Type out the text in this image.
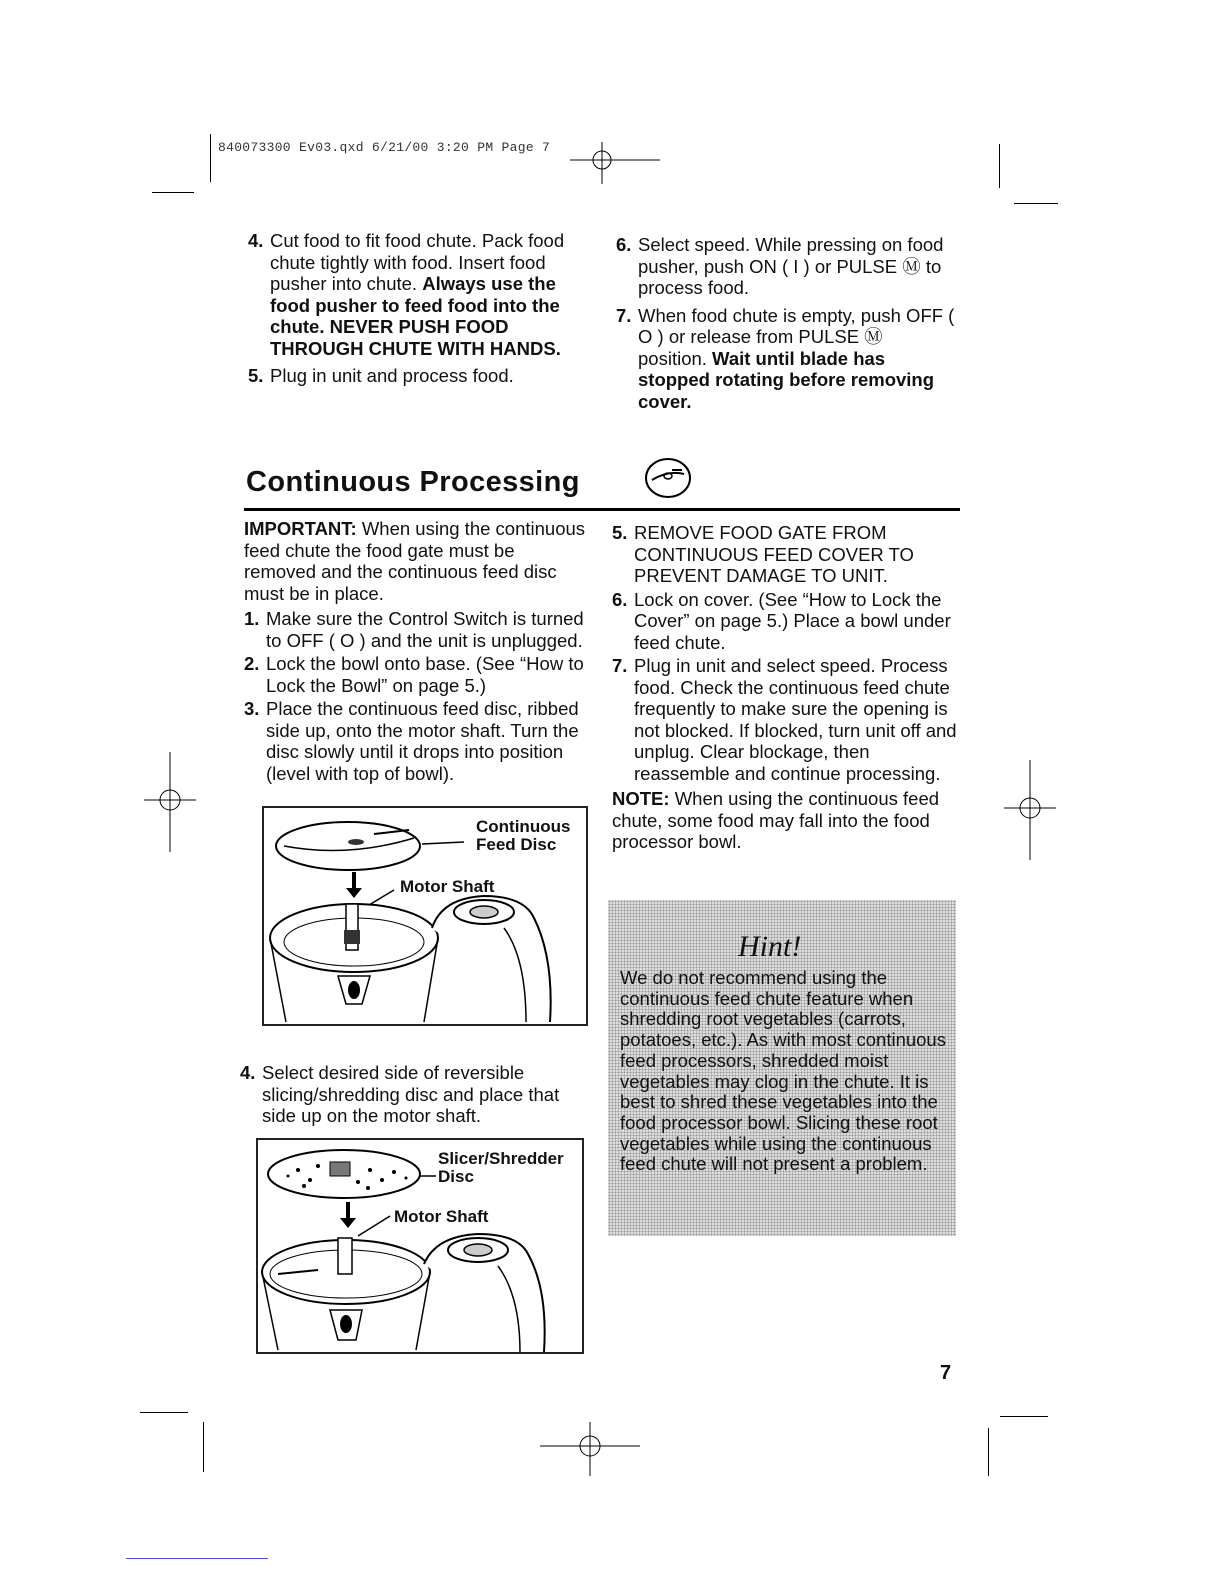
840073300 Ev03.qxd 6/21/00 3:20 PM Page 7
4. Cut food to fit food chute. Pack food chute tightly with food. Insert food pusher into chute. Always use the food pusher to feed food into the chute. NEVER PUSH FOOD THROUGH CHUTE WITH HANDS.
5. Plug in unit and process food.
6. Select speed. While pressing on food pusher, push ON ( I ) or PULSE Ⓜ to process food.
7. When food chute is empty, push OFF ( O ) or release from PULSE Ⓜ position. Wait until blade has stopped rotating before removing cover.
Continuous Processing
IMPORTANT: When using the continuous feed chute the food gate must be removed and the continuous feed disc must be in place.
1. Make sure the Control Switch is turned to OFF ( O ) and the unit is unplugged.
2. Lock the bowl onto base. (See “How to Lock the Bowl” on page 5.)
3. Place the continuous feed disc, ribbed side up, onto the motor shaft. Turn the disc slowly until it drops into position (level with top of bowl).
Continuous
Feed Disc
Motor Shaft
4. Select desired side of reversible slicing/shredding disc and place that side up on the motor shaft.
Slicer/Shredder
Disc
Motor Shaft
5. REMOVE FOOD GATE FROM CONTINUOUS FEED COVER TO PREVENT DAMAGE TO UNIT.
6. Lock on cover. (See “How to Lock the Cover” on page 5.) Place a bowl under feed chute.
7. Plug in unit and select speed. Process food. Check the continuous feed chute frequently to make sure the opening is not blocked. If blocked, turn unit off and unplug. Clear blockage, then reassemble and continue processing.
NOTE: When using the continuous feed chute, some food may fall into the food processor bowl.
Hint!
We do not recommend using the continuous feed chute feature when shredding root vegetables (carrots, potatoes, etc.). As with most continuous feed processors, shredded moist vegetables may clog in the chute. It is best to shred these vegetables into the food processor bowl. Slicing these root vegetables while using the continuous feed chute will not present a problem.
7
